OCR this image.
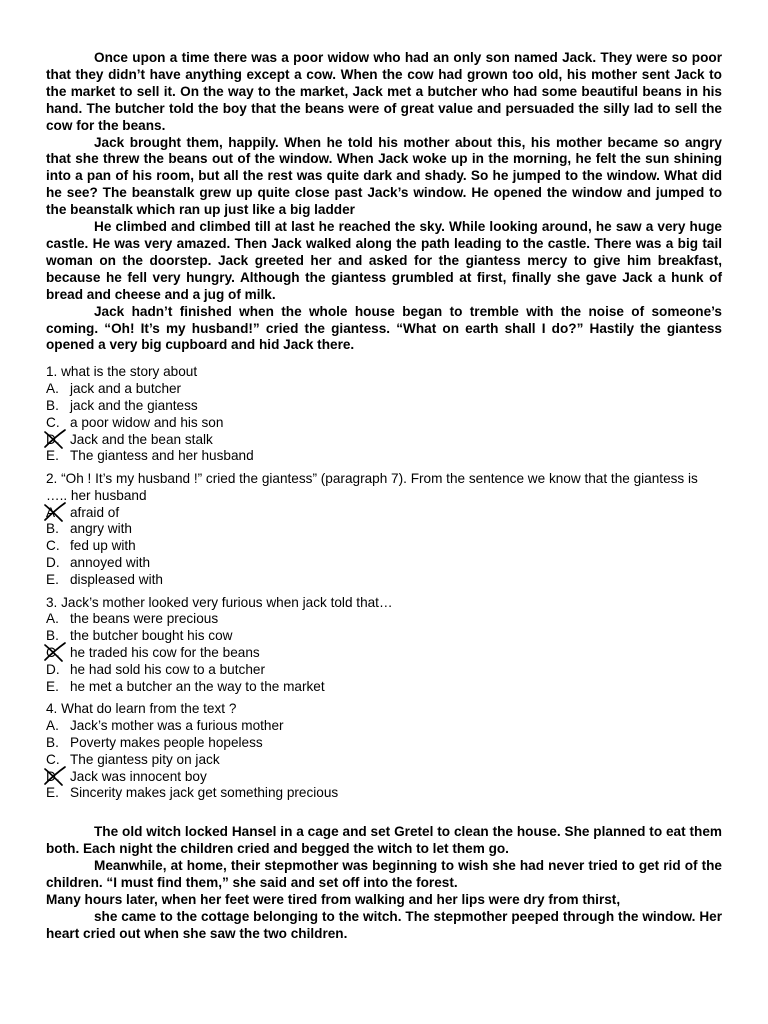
Once upon a time there was a poor widow who had an only son named Jack. They were so poor that they didn’t have anything except a cow. When the cow had grown too old, his mother sent Jack to the market to sell it. On the way to the market, Jack met a butcher who had some beautiful beans in his hand. The butcher told the boy that the beans were of great value and persuaded the silly lad to sell the cow for the beans.

Jack brought them, happily. When he told his mother about this, his mother became so angry that she threw the beans out of the window. When Jack woke up in the morning, he felt the sun shining into a pan of his room, but all the rest was quite dark and shady. So he jumped to the window. What did he see? The beanstalk grew up quite close past Jack’s window. He opened the window and jumped to the beanstalk which ran up just like a big ladder

He climbed and climbed till at last he reached the sky. While looking around, he saw a very huge castle. He was very amazed. Then Jack walked along the path leading to the castle. There was a big tail woman on the doorstep. Jack greeted her and asked for the giantess mercy to give him breakfast, because he fell very hungry. Although the giantess grumbled at first, finally she gave Jack a hunk of bread and cheese and a jug of milk.

Jack hadn’t finished when the whole house began to tremble with the noise of someone’s coming. “Oh! It’s my husband!” cried the giantess. “What on earth shall I do?” Hastily the giantess opened a very big cupboard and hid Jack there.

1. what is the story about

A. jack and a butcher
B. jack and the giantess
C. a poor widow and his son
D. Jack and the bean stalk
E. The giantess and her husband

2. “Oh ! It’s my husband !” cried the giantess” (paragraph 7). From the sentence we know that the giantess is ….. her husband

A. afraid of
B. angry with
C. fed up with
D. annoyed with
E. displeased with

3. Jack’s mother looked very furious when jack told that…

A. the beans were precious
B. the butcher bought his cow
C. he traded his cow for the beans
D. he had sold his cow to a butcher
E. he met a butcher an the way to the market

4. What do learn from the text ?

A. Jack’s mother was a furious mother
B. Poverty makes people hopeless
C. The giantess pity on jack
D. Jack was innocent boy
E. Sincerity makes jack get something precious

The old witch locked Hansel in a cage and set Gretel to clean the house. She planned to eat them both. Each night the children cried and begged the witch to let them go.

Meanwhile, at home, their stepmother was beginning to wish she had never tried to get rid of the children. “I must find them,” she said and set off into the forest.

Many hours later, when her feet were tired from walking and her lips were dry from thirst,

she came to the cottage belonging to the witch. The stepmother peeped through the window. Her heart cried out when she saw the two children.
